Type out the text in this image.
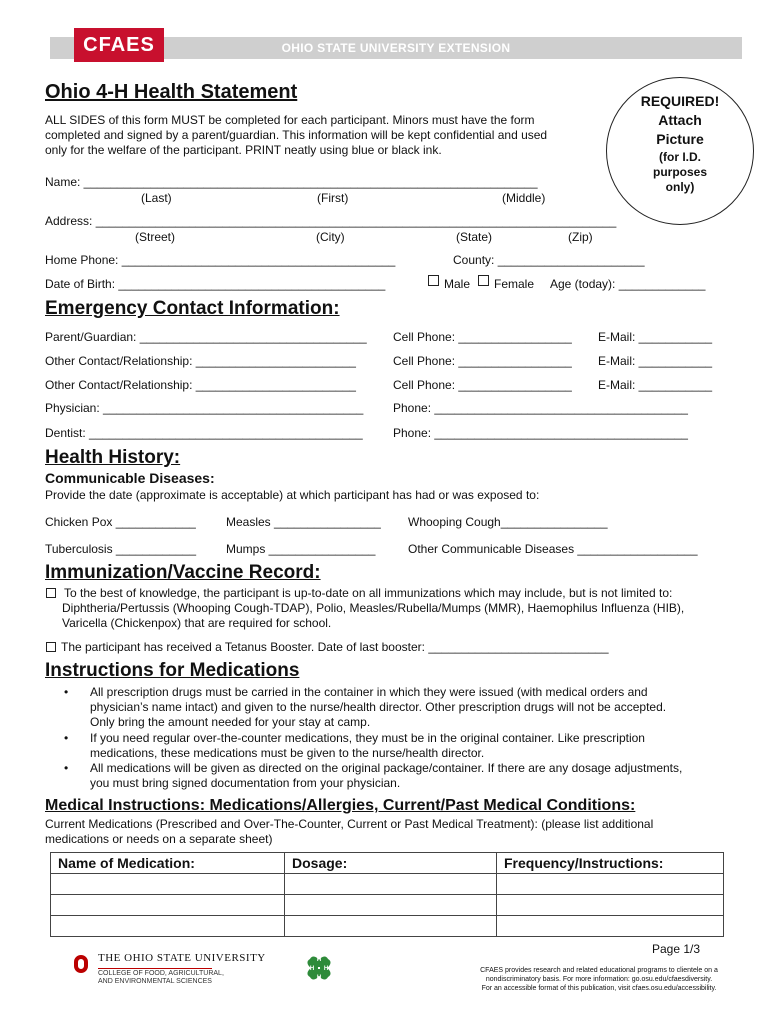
OHIO STATE UNIVERSITY EXTENSION
CFAES
Ohio 4-H Health Statement
ALL SIDES of this form MUST be completed for each participant. Minors must have the form
completed and signed by a parent/guardian. This information will be kept confidential and used
only for the welfare of the participant. PRINT neatly using blue or black ink.
REQUIRED!
Attach
Picture
(for I.D.
purposes
only)
Name: ____________________________________________________________________
(Last)	(First)	(Middle)
Address: ______________________________________________________________________________
(Street)	(City)	(State)	(Zip)
Home Phone: _________________________________________	County: ______________________
Date of Birth: ________________________________________	Male Female Age (today): _____________
Emergency Contact Information:
Parent/Guardian: __________________________________ Cell Phone: _________________ E-Mail: ___________
Other Contact/Relationship: ________________________	Cell Phone: _________________ E-Mail: ___________
Other Contact/Relationship: ________________________	Cell Phone: _________________ E-Mail: ___________
Physician: _______________________________________ Phone: ______________________________________
Dentist: _________________________________________	Phone: ______________________________________
Health History:
Communicable Diseases:
Provide the date (approximate is acceptable) at which participant has had or was exposed to:
Chicken Pox ____________	Measles ________________ Whooping Cough________________
Tuberculosis ____________ Mumps ________________	Other Communicable Diseases __________________
Immunization/Vaccine Record:
To the best of knowledge, the participant is up-to-date on all immunizations which may include, but is not limited to:
Diphtheria/Pertussis (Whooping Cough-TDAP), Polio, Measles/Rubella/Mumps (MMR), Haemophilus Influenza (HIB),
Varicella (Chickenpox) that are required for school.
The participant has received a Tetanus Booster. Date of last booster: ___________________________
Instructions for Medications
• All prescription drugs must be carried in the container in which they were issued (with medical orders and
physician’s name intact) and given to the nurse/health director. Other prescription drugs will not be accepted.
Only bring the amount needed for your stay at camp.
• If you need regular over-the-counter medications, they must be in the original container. Like prescription
medications, these medications must be given to the nurse/health director.
• All medications will be given as directed on the original package/container. If there are any dosage adjustments,
you must bring signed documentation from your physician.
Medical Instructions: Medications/Allergies, Current/Past Medical Conditions:
Current Medications (Prescribed and Over-The-Counter, Current or Past Medical Treatment): (please list additional
medications or needs on a separate sheet)
Name of Medication:	Dosage:	Frequency/Instructions:

THE OHIO STATE UNIVERSITY
COLLEGE OF FOOD, AGRICULTURAL,
AND ENVIRONMENTAL SCIENCES
H
H
H
H
Page 1/3
CFAES provides research and related educational programs to clientele on a
nondiscriminatory basis. For more information: go.osu.edu/cfaesdiversity.
For an accessible format of this publication, visit cfaes.osu.edu/accessibility.
